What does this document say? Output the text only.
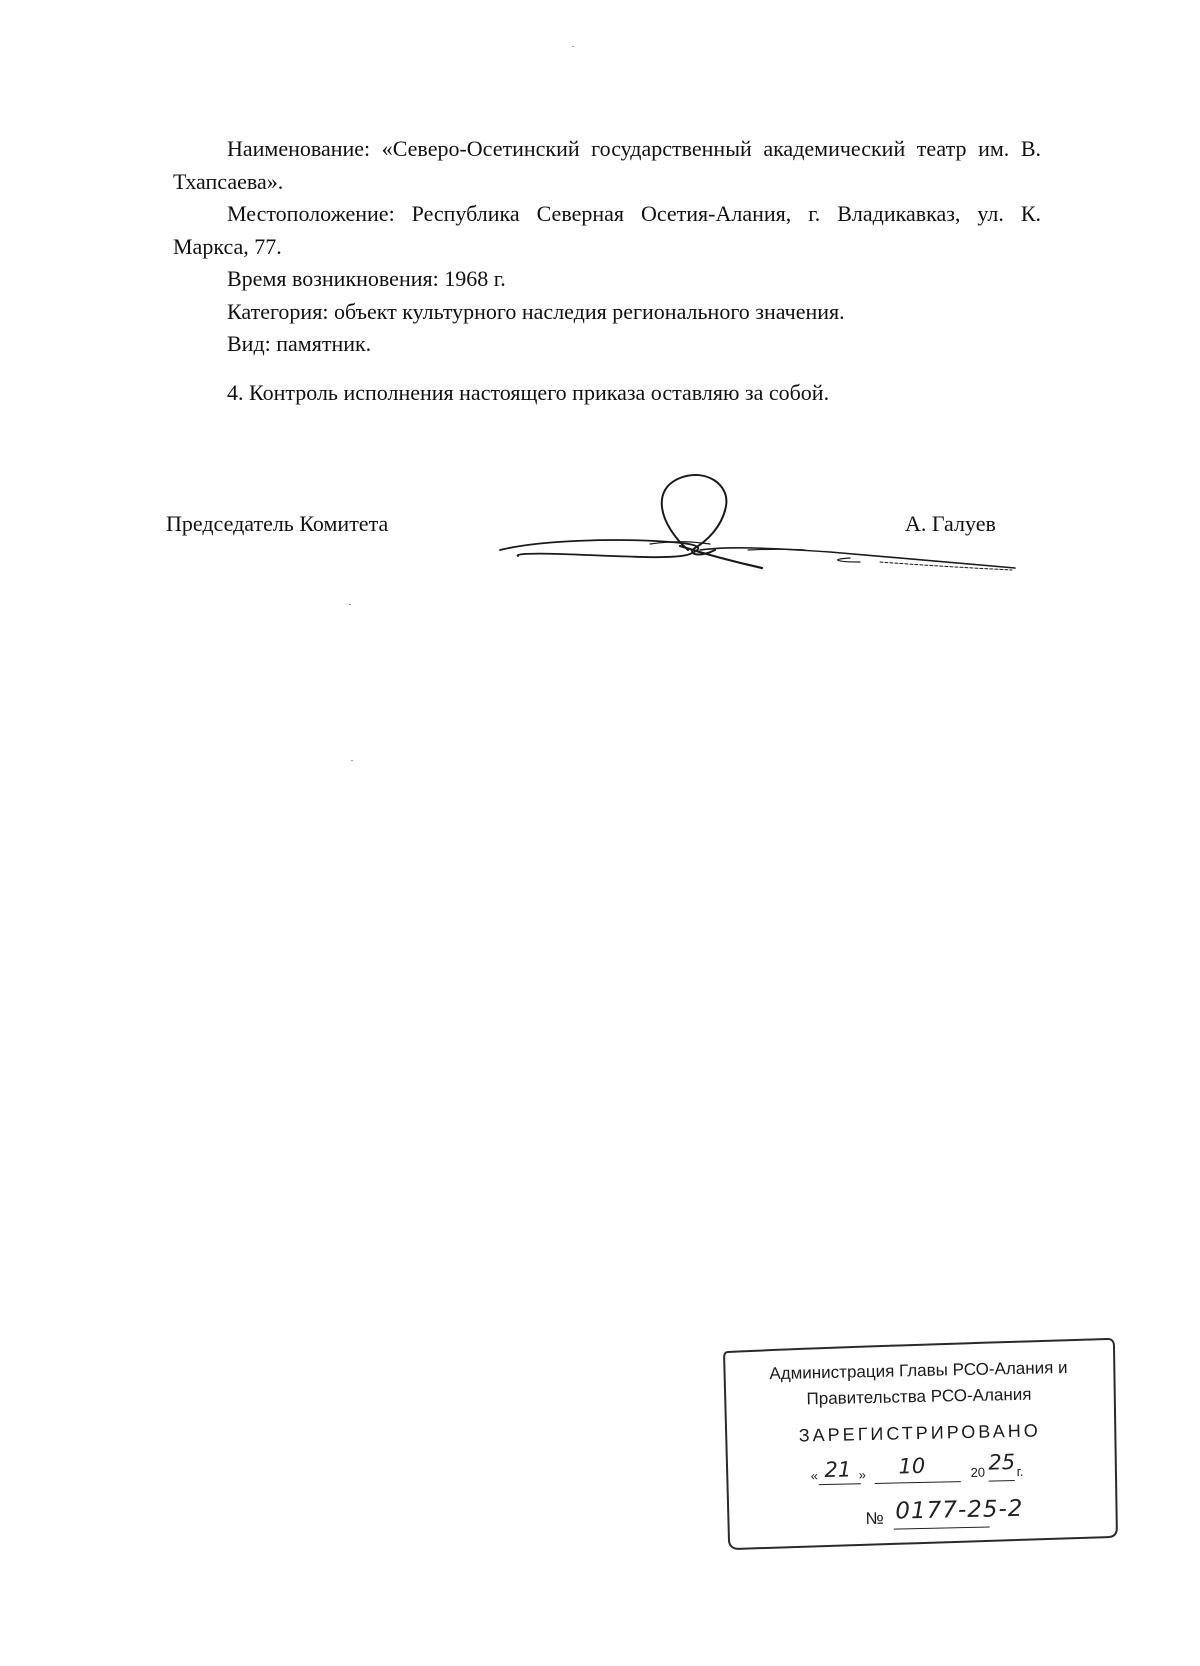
Наименование: «Северо-Осетинский государственный академический театр им. В. Тхапсаева».

Местоположение: Республика Северная Осетия-Алания, г. Владикавказ, ул. К. Маркса, 77.

Время возникновения: 1968 г.

Категория: объект культурного наследия регионального значения.

Вид: памятник.

4. Контроль исполнения настоящего приказа оставляю за собой.

Председатель Комитета	А. Галуев
Администрация Главы РСО-Алания и
Правительства РСО-Алания
ЗАРЕГИСТРИРОВАНО
« 21 » 10	20 25 г.
№ 0177-25-2
